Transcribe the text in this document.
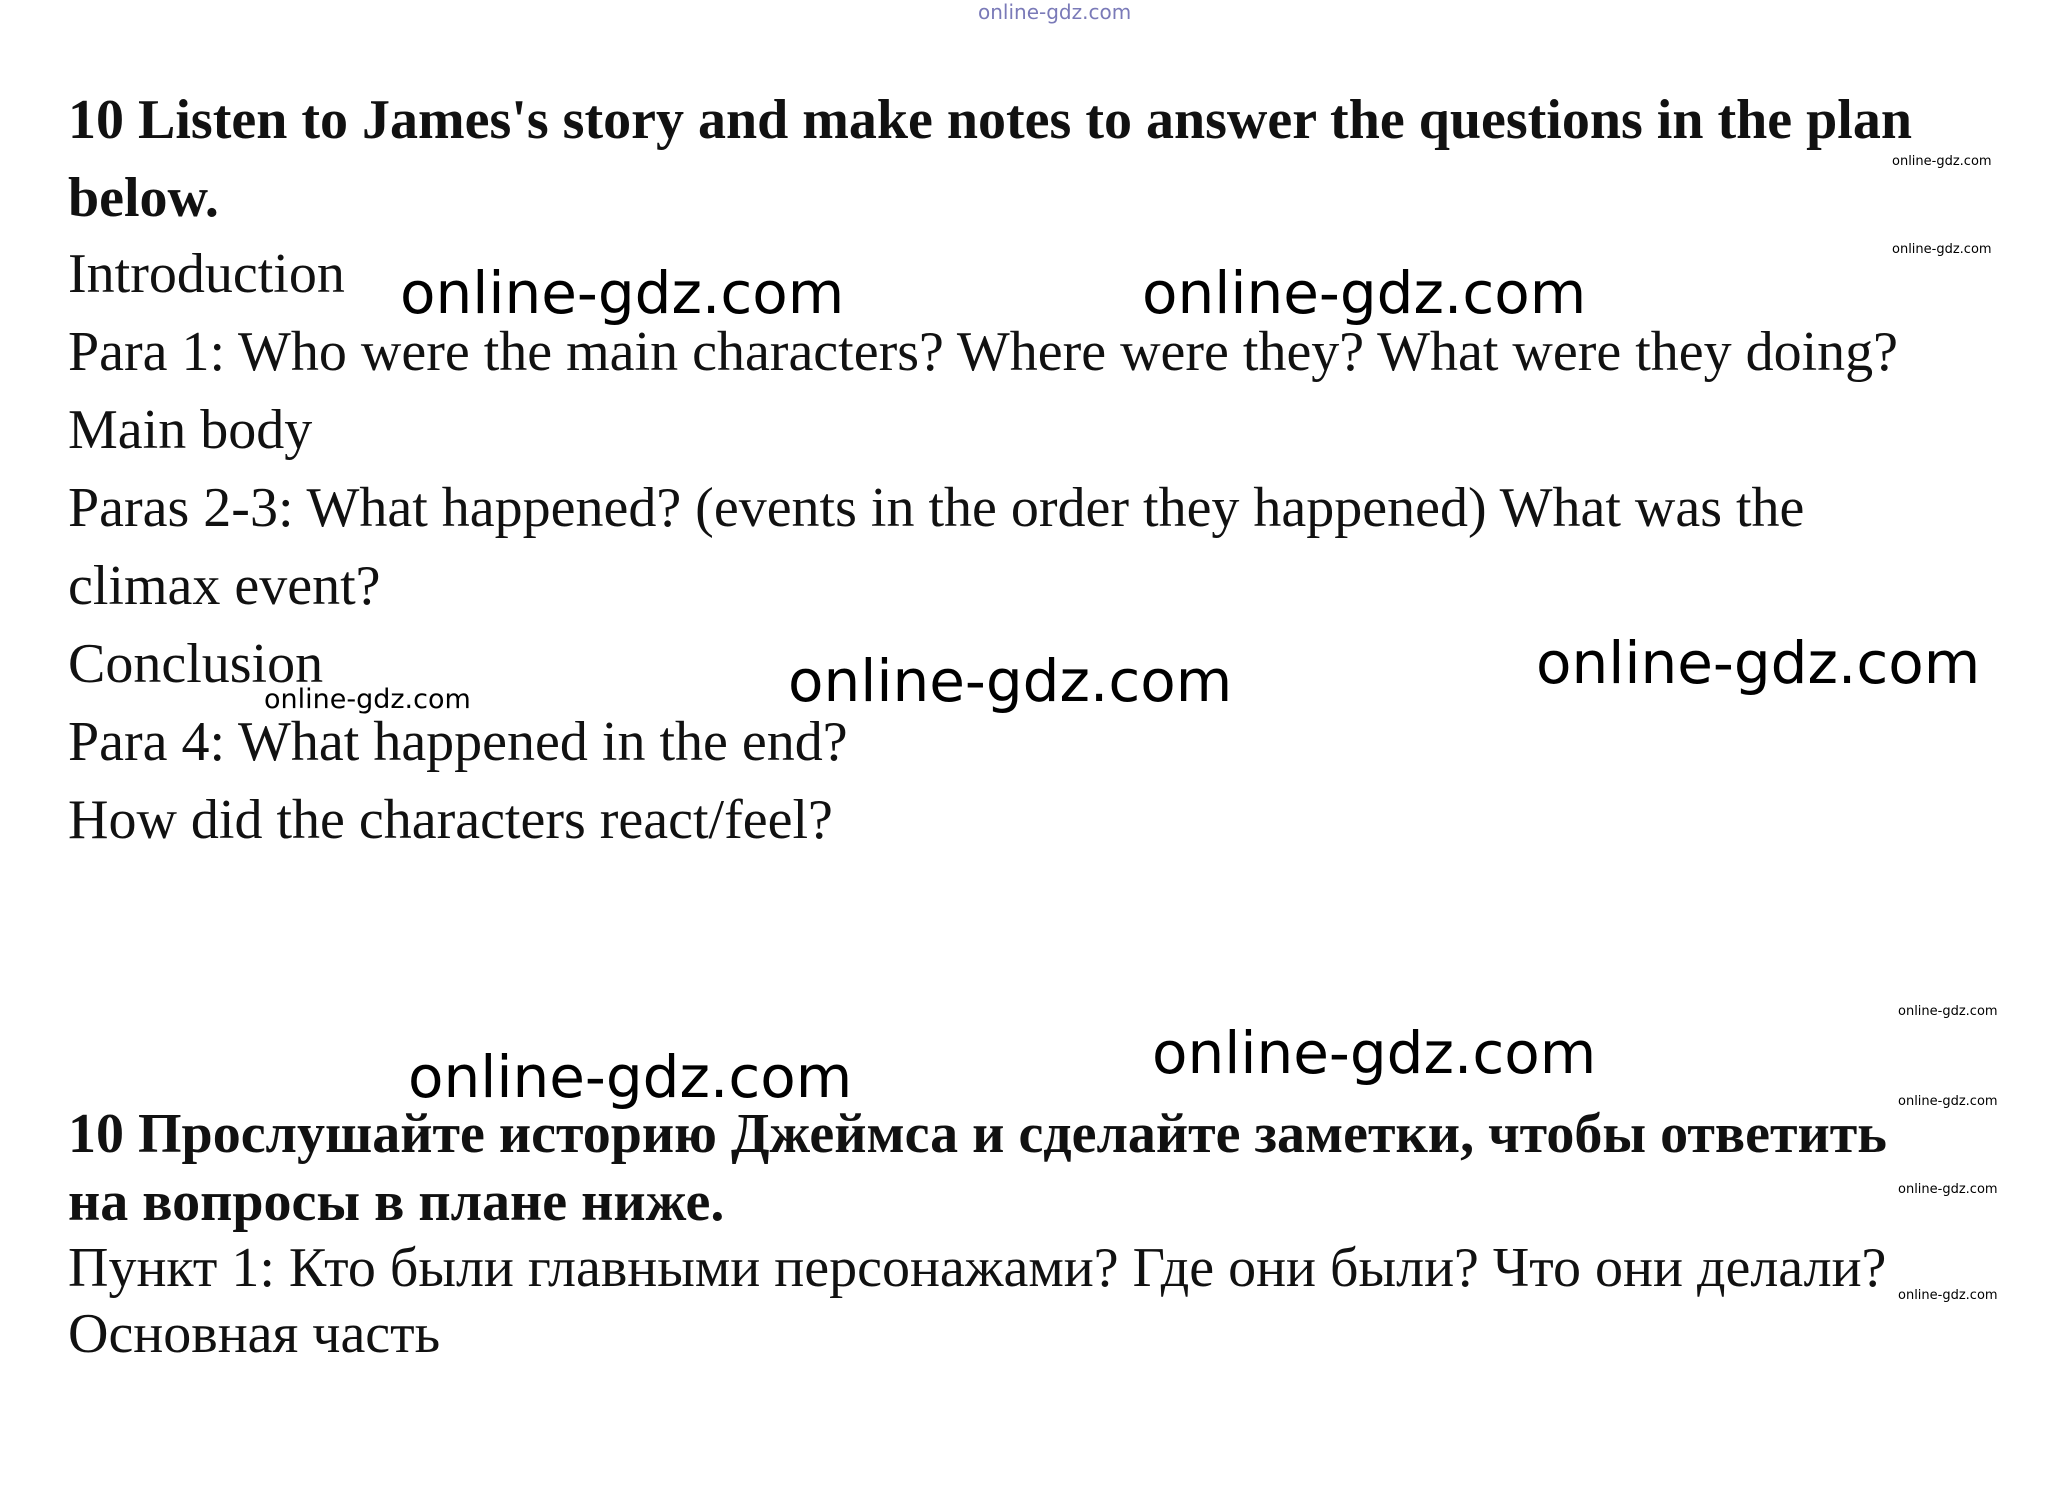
online-gdz.com
10 Listen to James's story and make notes to answer the questions in the plan
below.
Introduction
Para 1: Who were the main characters? Where were they? What were they doing?
Main body
Paras 2-3: What happened? (events in the order they happened) What was the
climax event?
Conclusion
Para 4: What happened in the end?
How did the characters react/feel?
10 Прослушайте историю Джеймса и сделайте заметки, чтобы ответить
на вопросы в плане ниже.
Пункт 1: Кто были главными персонажами? Где они были? Что они делали?
Основная часть
online-gdz.com	online-gdz.com
online-gdz.com	online-gdz.com
online-gdz.com	online-gdz.com
online-gdz.com
online-gdz.com
online-gdz.com
online-gdz.com
online-gdz.com
online-gdz.com
online-gdz.com
